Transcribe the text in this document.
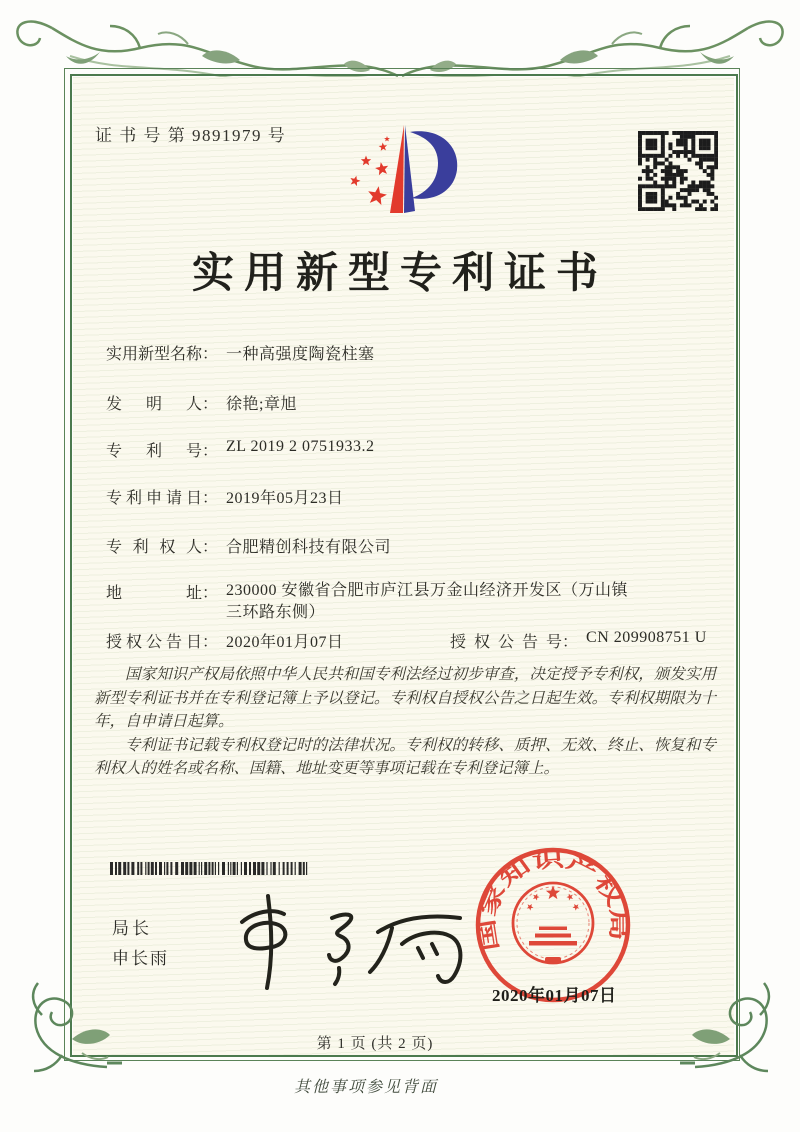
证 书 号 第 9891979 号
实用新型专利证书
实用新型名称： 一种高强度陶瓷柱塞
发明人： 徐艳;章旭
专利号： ZL 2019 2 0751933.2
专利申请日： 2019年05月23日
专利权人： 合肥精创科技有限公司
地址： 230000 安徽省合肥市庐江县万金山经济开发区（万山镇
三环路东侧）
授权公告日： 2020年01月07日	授权公告号： CN 209908751 U

国家知识产权局依照中华人民共和国专利法经过初步审查，决定授予专利权，颁发实用新型专利证书并在专利登记簿上予以登记。专利权自授权公告之日起生效。专利权期限为十年，自申请日起算。

专利证书记载专利权登记时的法律状况。专利权的转移、质押、无效、终止、恢复和专利权人的姓名或名称、国籍、地址变更等事项记载在专利登记簿上。

局长
申长雨
国家知识产权局
2020年01月07日
第 1 页 (共 2 页)
其他事项参见背面
